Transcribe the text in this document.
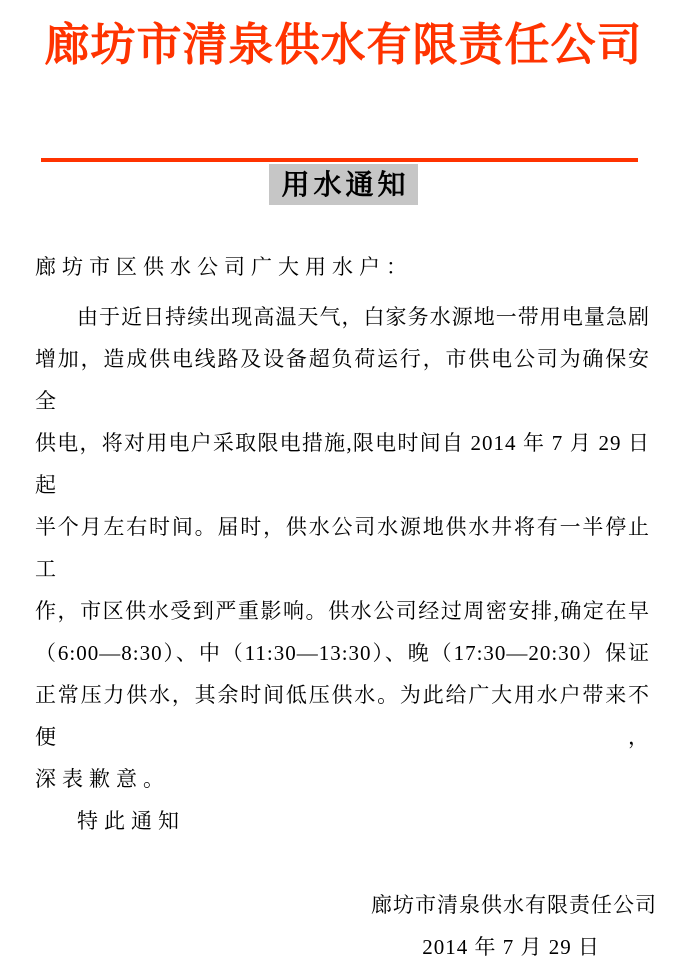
廊坊市清泉供水有限责任公司
用水通知

廊坊市区供水公司广大用水户：

由于近日持续出现高温天气，白家务水源地一带用电量急剧

增加，造成供电线路及设备超负荷运行，市供电公司为确保安全

供电，将对用电户采取限电措施,限电时间自 2014 年 7 月 29 日起

半个月左右时间。届时，供水公司水源地供水井将有一半停止工

作，市区供水受到严重影响。供水公司经过周密安排,确定在早

（6:00—8:30）、中（11:30—13:30）、晚（17:30—20:30）保证

正常压力供水，其余时间低压供水。为此给广大用水户带来不便，

深表歉意。

特此通知

廊坊市清泉供水有限责任公司

2014 年 7 月 29 日
